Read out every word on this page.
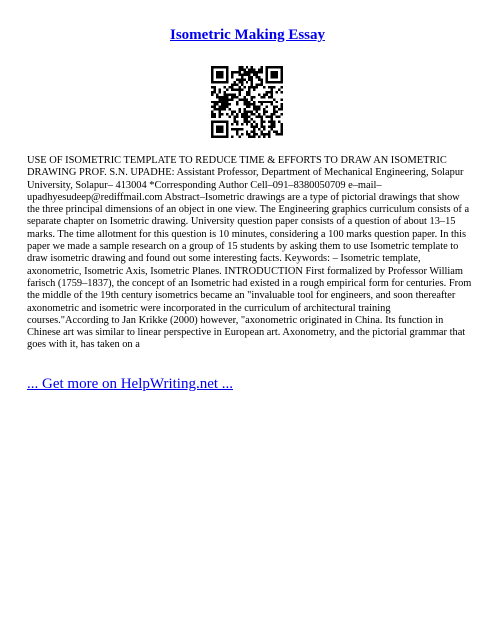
Isometric Making Essay

USE OF ISOMETRIC TEMPLATE TO REDUCE TIME & EFFORTS TO DRAW AN ISOMETRIC DRAWING PROF. S.N. UPADHE: Assistant Professor, Department of Mechanical Engineering, Solapur University, Solapur– 413004 *Corresponding Author Cell–091–8380050709 e–mail– upadhyesudeep@rediffmail.com Abstract–Isometric drawings are a type of pictorial drawings that show the three principal dimensions of an object in one view. The Engineering graphics curriculum consists of a separate chapter on Isometric drawing. University question paper consists of a question of about 13–15 marks. The time allotment for this question is 10 minutes, considering a 100 marks question paper. In this paper we made a sample research on a group of 15 students by asking them to use Isometric template to draw isometric drawing and found out some interesting facts. Keywords: – Isometric template, axonometric, Isometric Axis, Isometric Planes. INTRODUCTION First formalized by Professor William farisch (1759–1837), the concept of an Isometric had existed in a rough empirical form for centuries. From the middle of the 19th century isometrics became an "invaluable tool for engineers, and soon thereafter axonometric and isometric were incorporated in the curriculum of architectural training courses."According to Jan Krikke (2000) however, "axonometric originated in China. Its function in Chinese art was similar to linear perspective in European art. Axonometry, and the pictorial grammar that goes with it, has taken on a

... Get more on HelpWriting.net ...
